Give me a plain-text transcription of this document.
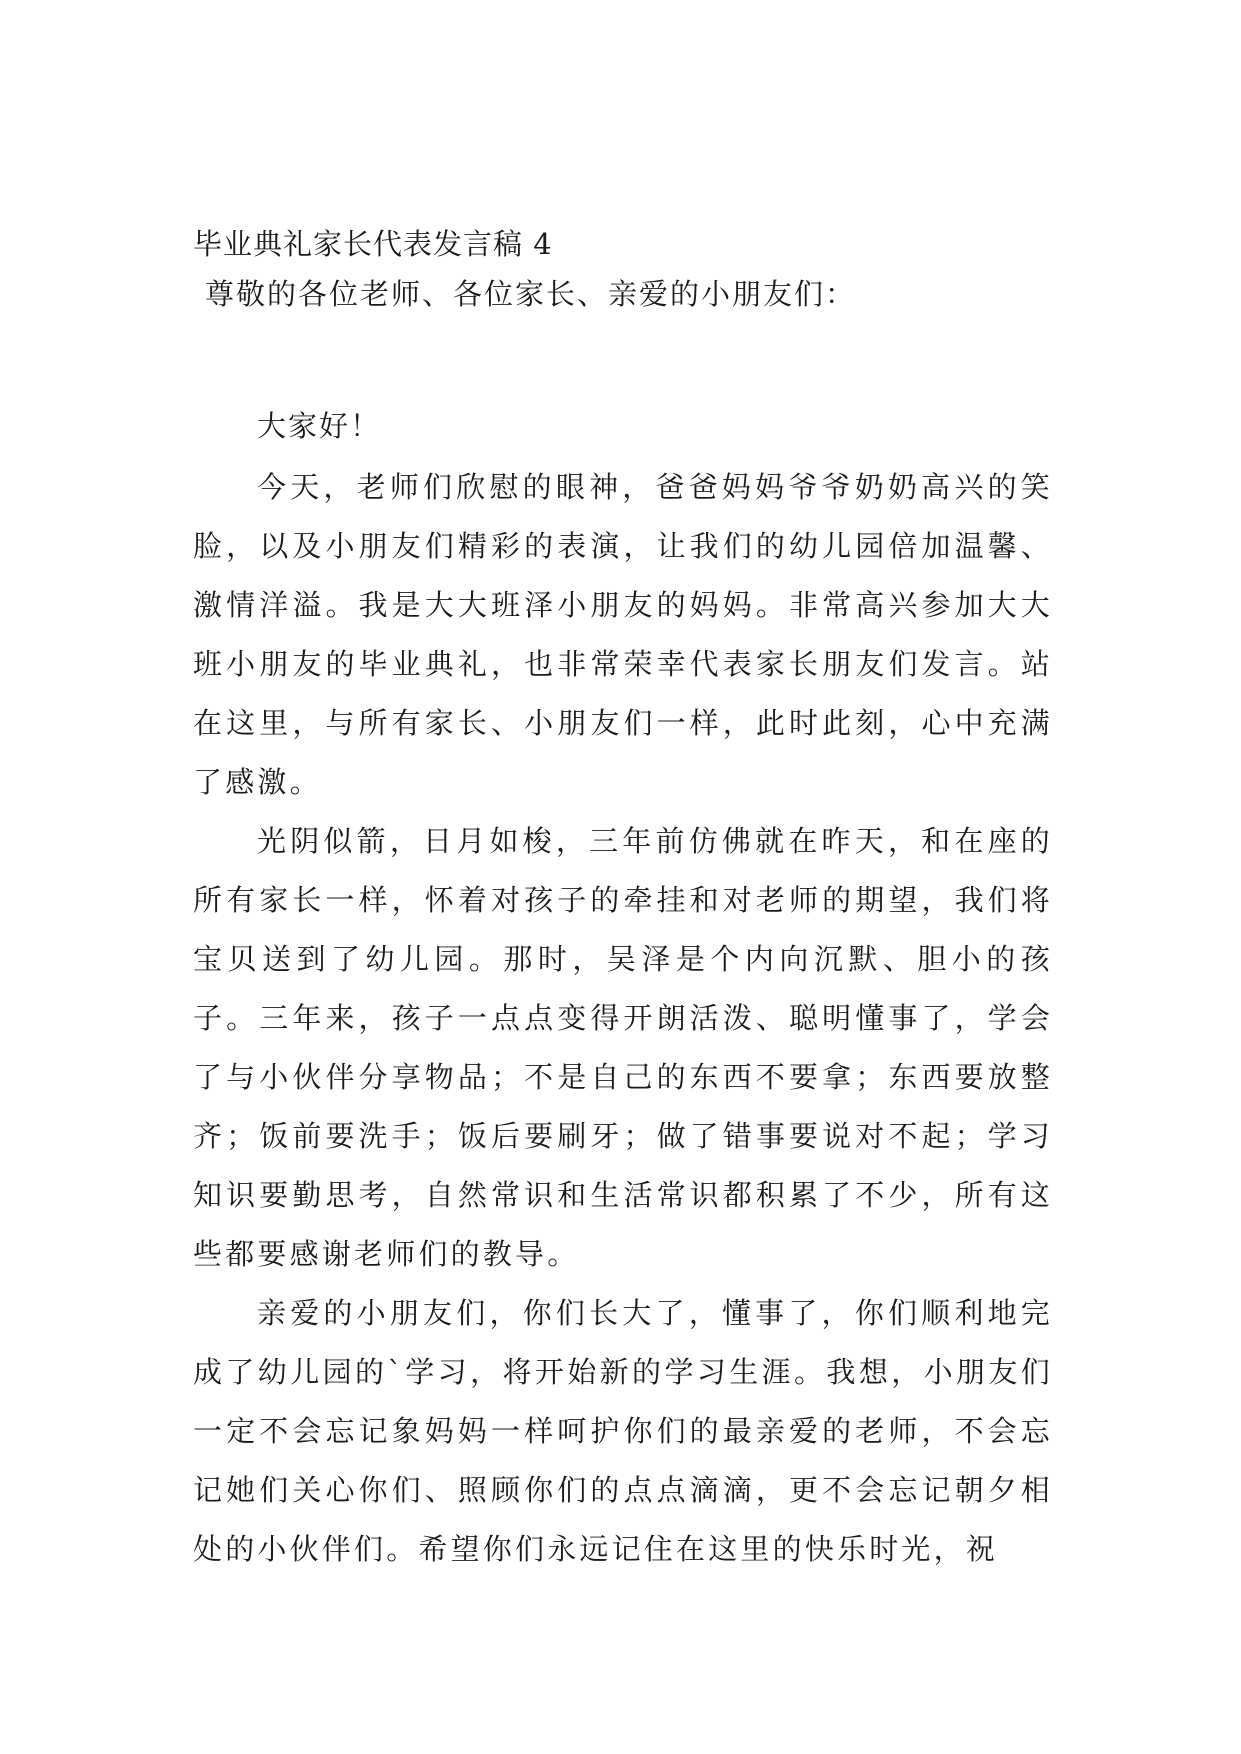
毕业典礼家长代表发言稿 4

尊敬的各位老师、各位家长、亲爱的小朋友们：

大家好！

今天，老师们欣慰的眼神，爸爸妈妈爷爷奶奶高兴的笑脸，以及小朋友们精彩的表演，让我们的幼儿园倍加温馨、激情洋溢。我是大大班泽小朋友的妈妈。非常高兴参加大大班小朋友的毕业典礼，也非常荣幸代表家长朋友们发言。站在这里，与所有家长、小朋友们一样，此时此刻，心中充满了感激。

光阴似箭，日月如梭，三年前仿佛就在昨天，和在座的所有家长一样，怀着对孩子的牵挂和对老师的期望，我们将宝贝送到了幼儿园。那时，吴泽是个内向沉默、胆小的孩子。三年来，孩子一点点变得开朗活泼、聪明懂事了，学会了与小伙伴分享物品；不是自己的东西不要拿；东西要放整齐；饭前要洗手；饭后要刷牙；做了错事要说对不起；学习知识要勤思考，自然常识和生活常识都积累了不少，所有这些都要感谢老师们的教导。

亲爱的小朋友们，你们长大了，懂事了，你们顺利地完成了幼儿园的`学习，将开始新的学习生涯。我想，小朋友们一定不会忘记象妈妈一样呵护你们的最亲爱的老师，不会忘记她们关心你们、照顾你们的点点滴滴，更不会忘记朝夕相处的小伙伴们。希望你们永远记住在这里的快乐时光，祝
